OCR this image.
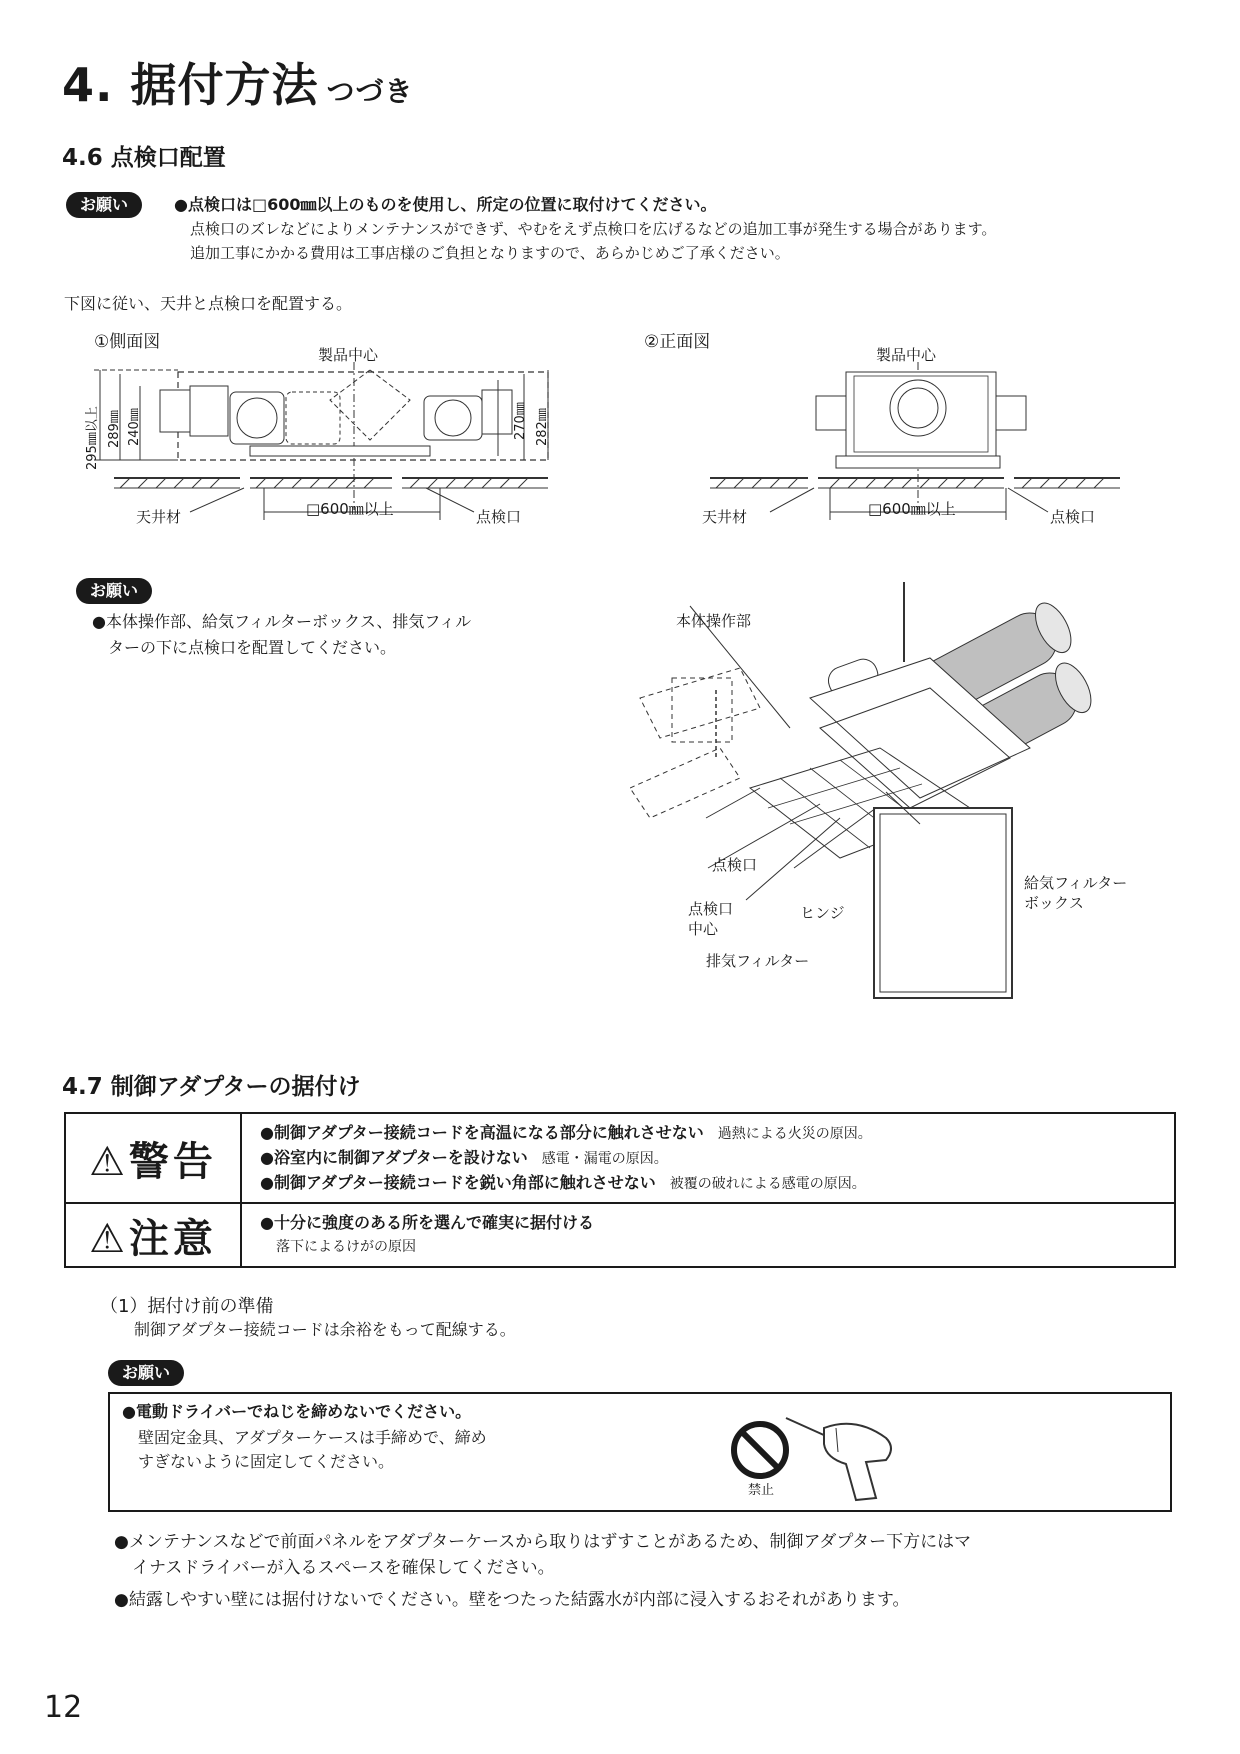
4. 据付方法 つづき
4.6 点検口配置
お願い	●点検口は□600㎜以上のものを使用し、所定の位置に取付けてください。
点検口のズレなどによりメンテナンスができず、やむをえず点検口を広げるなどの追加工事が発生する場合があります。
追加工事にかかる費用は工事店様のご負担となりますので、あらかじめご了承ください。
下図に従い、天井と点検口を配置する。
①側面図
製品中心
295㎜以上 289㎜ 240㎜	270㎜ 282㎜
天井材	□600㎜以上	点検口
②正面図
製品中心
天井材	□600㎜以上	点検口
お願い
●本体操作部、給気フィルターボックス、排気フィル
ターの下に点検口を配置してください。
本体操作部
点検口
点検口
中心
ヒンジ
排気フィルター
給気フィルター
ボックス
4.7 制御アダプターの据付け
⚠警告	●制御アダプター接続コードを高温になる部分に触れさせない 過熱による火災の原因。
●浴室内に制御アダプターを設けない 感電・漏電の原因。
●制御アダプター接続コードを鋭い角部に触れさせない 被覆の破れによる感電の原因。

⚠注意	●十分に強度のある所を選んで確実に据付ける
落下によるけがの原因
（1）据付け前の準備
制御アダプター接続コードは余裕をもって配線する。
お願い
●電動ドライバーでねじを締めないでください。
壁固定金具、アダプターケースは手締めで、締め
すぎないように固定してください。
禁止
●メンテナンスなどで前面パネルをアダプターケースから取りはずすことがあるため、制御アダプター下方にはマ
イナスドライバーが入るスペースを確保してください。
●結露しやすい壁には据付けないでください。壁をつたった結露水が内部に浸入するおそれがあります。
12
